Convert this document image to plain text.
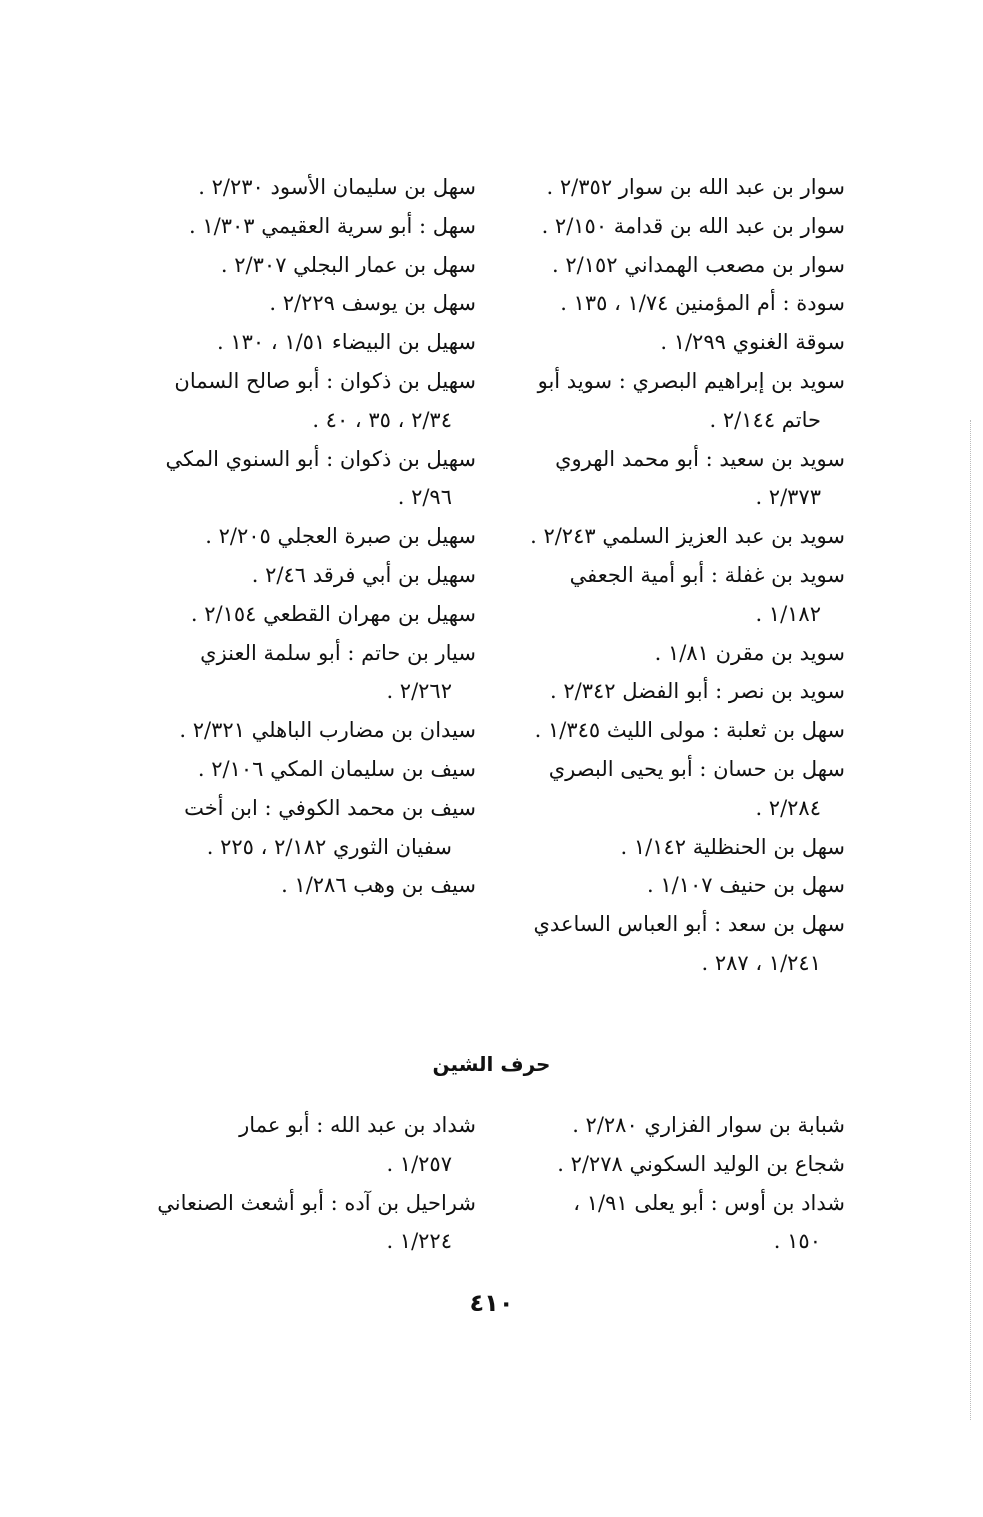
سوار بن عبد الله بن سوار ٢/٣٥٢ .
سوار بن عبد الله بن قدامة ٢/١٥٠ .
سوار بن مصعب الهمداني ٢/١٥٢ .
سودة : أم المؤمنين ١/٧٤ ، ١٣٥ .
سوقة الغنوي ١/٢٩٩ .
سويد بن إبراهيم البصري : سويد أبو
حاتم ٢/١٤٤ .
سويد بن سعيد : أبو محمد الهروي
٢/٣٧٣ .
سويد بن عبد العزيز السلمي ٢/٢٤٣ .
سويد بن غفلة : أبو أمية الجعفي
١/١٨٢ .
سويد بن مقرن ١/٨١ .
سويد بن نصر : أبو الفضل ٢/٣٤٢ .
سهل بن ثعلبة : مولى الليث ١/٣٤٥ .
سهل بن حسان : أبو يحيى البصري
٢/٢٨٤ .
سهل بن الحنظلية ١/١٤٢ .
سهل بن حنيف ١/١٠٧ .
سهل بن سعد : أبو العباس الساعدي
١/٢٤١ ، ٢٨٧ .
سهل بن سليمان الأسود ٢/٢٣٠ .
سهل : أبو سرية العقيمي ١/٣٠٣ .
سهل بن عمار البجلي ٢/٣٠٧ .
سهل بن يوسف ٢/٢٢٩ .
سهيل بن البيضاء ١/٥١ ، ١٣٠ .
سهيل بن ذكوان : أبو صالح السمان
٢/٣٤ ، ٣٥ ، ٤٠ .
سهيل بن ذكوان : أبو السنوي المكي
٢/٩٦ .
سهيل بن صبرة العجلي ٢/٢٠٥ .
سهيل بن أبي فرقد ٢/٤٦ .
سهيل بن مهران القطعي ٢/١٥٤ .
سيار بن حاتم : أبو سلمة العنزي
٢/٢٦٢ .
سيدان بن مضارب الباهلي ٢/٣٢١ .
سيف بن سليمان المكي ٢/١٠٦ .
سيف بن محمد الكوفي : ابن أخت
سفيان الثوري ٢/١٨٢ ، ٢٢٥ .
سيف بن وهب ١/٢٨٦ .
حرف الشين
شبابة بن سوار الفزاري ٢/٢٨٠ .
شجاع بن الوليد السكوني ٢/٢٧٨ .
شداد بن أوس : أبو يعلى ١/٩١ ،
١٥٠ .
شداد بن عبد الله : أبو عمار
١/٢٥٧ .
شراحيل بن آده : أبو أشعث الصنعاني
١/٢٢٤ .
٤١٠
